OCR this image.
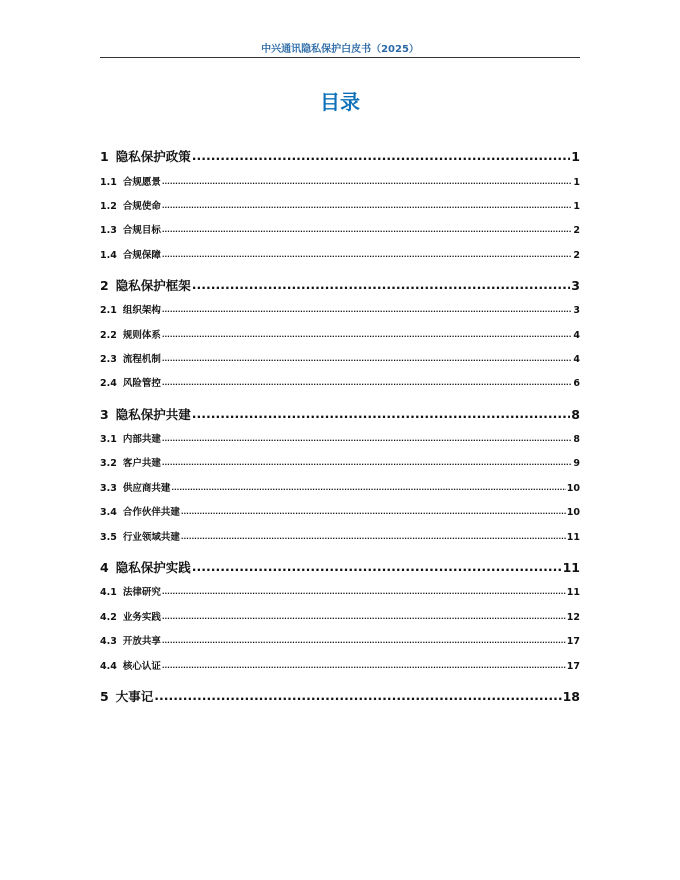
中兴通讯隐私保护白皮书（2025）
目录
1 隐私保护政策 .....	1
1.1 合规愿景 .....	1
1.2 合规使命 .....	1
1.3 合规目标 .....	2
1.4 合规保障 .....	2
2 隐私保护框架 .....	3
2.1 组织架构 .....	3
2.2 规则体系 .....	4
2.3 流程机制 .....	4
2.4 风险管控 .....	6
3 隐私保护共建 .....	8
3.1 内部共建 .....	8
3.2 客户共建 .....	9
3.3 供应商共建 .....	10
3.4 合作伙伴共建 .....	10
3.5 行业领域共建 .....	11
4 隐私保护实践 .....	11
4.1 法律研究 .....	11
4.2 业务实践 .....	12
4.3 开放共享 .....	17
4.4 核心认证 .....	17
5 大事记 .....	18
